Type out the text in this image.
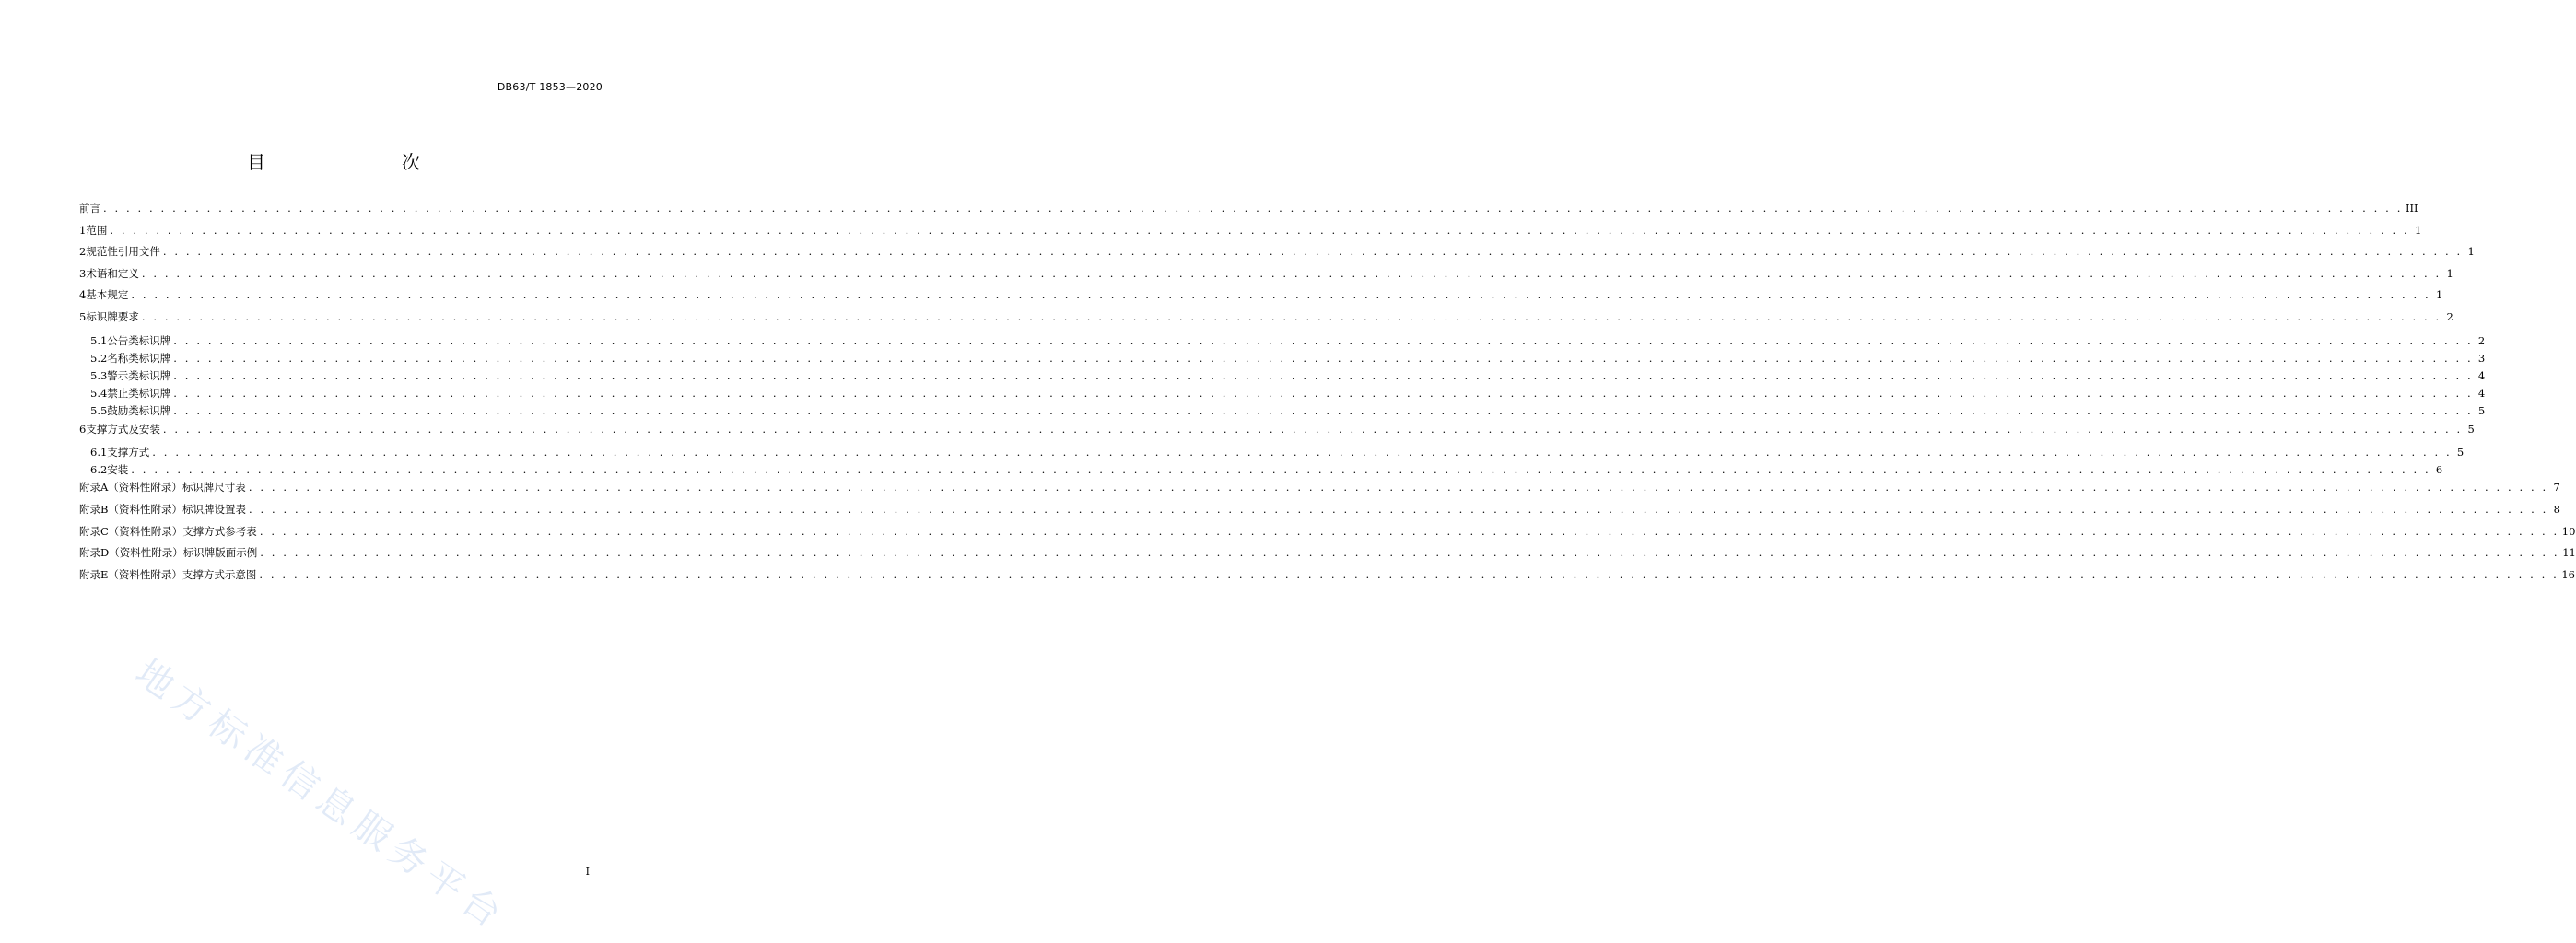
DB63/T 1853—2020
目　　次
前言 . . . . . . . . . . . . . . . . . . . . . . . . . . . . . . . . . . . . . . . . . . . . . . . . . . . . . . . . . . . . . . . . . . . . . . . . . . . . . . . . . . . . . . . . . . . . . . . . . . . . . . . . . . . . . . . . . . . . . . . . . . . . . . . . . . . . . . . . . . . . . . . . . . . . . . . . . . . . . . . . . . . . . . . . . . . . . . . . . . . . . . . . . . . . . . . . . . . . . . . . III
1 范围 . . . . . . . . . . . . . . . . . . . . . . . . . . . . . . . . . . . . . . . . . . . . . . . . . . . . . . . . . . . . . . . . . . . . . . . . . . . . . . . . . . . . . . . . . . . . . . . . . . . . . . . . . . . . . . . . . . . . . . . . . . . . . . . . . . . . . . . . . . . . . . . . . . . . . . . . . . . . . . . . . . . . . . . . . . . . . . . . . . . . . . . . . . . . . . . . . . . . . . . . 1
2 规范性引用文件 . . . . . . . . . . . . . . . . . . . . . . . . . . . . . . . . . . . . . . . . . . . . . . . . . . . . . . . . . . . . . . . . . . . . . . . . . . . . . . . . . . . . . . . . . . . . . . . . . . . . . . . . . . . . . . . . . . . . . . . . . . . . . . . . . . . . . . . . . . . . . . . . . . . . . . . . . . . . . . . . . . . . . . . . . . . . . . . . . . . . . . . . . . . . . . . . . . . . . . . . 1
3 术语和定义 . . . . . . . . . . . . . . . . . . . . . . . . . . . . . . . . . . . . . . . . . . . . . . . . . . . . . . . . . . . . . . . . . . . . . . . . . . . . . . . . . . . . . . . . . . . . . . . . . . . . . . . . . . . . . . . . . . . . . . . . . . . . . . . . . . . . . . . . . . . . . . . . . . . . . . . . . . . . . . . . . . . . . . . . . . . . . . . . . . . . . . . . . . . . . . . . . . . . . . . . 1
4 基本规定 . . . . . . . . . . . . . . . . . . . . . . . . . . . . . . . . . . . . . . . . . . . . . . . . . . . . . . . . . . . . . . . . . . . . . . . . . . . . . . . . . . . . . . . . . . . . . . . . . . . . . . . . . . . . . . . . . . . . . . . . . . . . . . . . . . . . . . . . . . . . . . . . . . . . . . . . . . . . . . . . . . . . . . . . . . . . . . . . . . . . . . . . . . . . . . . . . . . . . . . . 1
5 标识牌要求 . . . . . . . . . . . . . . . . . . . . . . . . . . . . . . . . . . . . . . . . . . . . . . . . . . . . . . . . . . . . . . . . . . . . . . . . . . . . . . . . . . . . . . . . . . . . . . . . . . . . . . . . . . . . . . . . . . . . . . . . . . . . . . . . . . . . . . . . . . . . . . . . . . . . . . . . . . . . . . . . . . . . . . . . . . . . . . . . . . . . . . . . . . . . . . . . . . . . . . . . 2
5.1 公告类标识牌 . . . . . . . . . . . . . . . . . . . . . . . . . . . . . . . . . . . . . . . . . . . . . . . . . . . . . . . . . . . . . . . . . . . . . . . . . . . . . . . . . . . . . . . . . . . . . . . . . . . . . . . . . . . . . . . . . . . . . . . . . . . . . . . . . . . . . . . . . . . . . . . . . . . . . . . . . . . . . . . . . . . . . . . . . . . . . . . . . . . . . . . . . . . . . . . . . . . . . . . . 2
5.2 名称类标识牌 . . . . . . . . . . . . . . . . . . . . . . . . . . . . . . . . . . . . . . . . . . . . . . . . . . . . . . . . . . . . . . . . . . . . . . . . . . . . . . . . . . . . . . . . . . . . . . . . . . . . . . . . . . . . . . . . . . . . . . . . . . . . . . . . . . . . . . . . . . . . . . . . . . . . . . . . . . . . . . . . . . . . . . . . . . . . . . . . . . . . . . . . . . . . . . . . . . . . . . . . 3
5.3 警示类标识牌 . . . . . . . . . . . . . . . . . . . . . . . . . . . . . . . . . . . . . . . . . . . . . . . . . . . . . . . . . . . . . . . . . . . . . . . . . . . . . . . . . . . . . . . . . . . . . . . . . . . . . . . . . . . . . . . . . . . . . . . . . . . . . . . . . . . . . . . . . . . . . . . . . . . . . . . . . . . . . . . . . . . . . . . . . . . . . . . . . . . . . . . . . . . . . . . . . . . . . . . . 4
5.4 禁止类标识牌 . . . . . . . . . . . . . . . . . . . . . . . . . . . . . . . . . . . . . . . . . . . . . . . . . . . . . . . . . . . . . . . . . . . . . . . . . . . . . . . . . . . . . . . . . . . . . . . . . . . . . . . . . . . . . . . . . . . . . . . . . . . . . . . . . . . . . . . . . . . . . . . . . . . . . . . . . . . . . . . . . . . . . . . . . . . . . . . . . . . . . . . . . . . . . . . . . . . . . . . . 4
5.5 鼓励类标识牌 . . . . . . . . . . . . . . . . . . . . . . . . . . . . . . . . . . . . . . . . . . . . . . . . . . . . . . . . . . . . . . . . . . . . . . . . . . . . . . . . . . . . . . . . . . . . . . . . . . . . . . . . . . . . . . . . . . . . . . . . . . . . . . . . . . . . . . . . . . . . . . . . . . . . . . . . . . . . . . . . . . . . . . . . . . . . . . . . . . . . . . . . . . . . . . . . . . . . . . . . 5
6 支撑方式及安装 . . . . . . . . . . . . . . . . . . . . . . . . . . . . . . . . . . . . . . . . . . . . . . . . . . . . . . . . . . . . . . . . . . . . . . . . . . . . . . . . . . . . . . . . . . . . . . . . . . . . . . . . . . . . . . . . . . . . . . . . . . . . . . . . . . . . . . . . . . . . . . . . . . . . . . . . . . . . . . . . . . . . . . . . . . . . . . . . . . . . . . . . . . . . . . . . . . . . . . . . 5
6.1 支撑方式 . . . . . . . . . . . . . . . . . . . . . . . . . . . . . . . . . . . . . . . . . . . . . . . . . . . . . . . . . . . . . . . . . . . . . . . . . . . . . . . . . . . . . . . . . . . . . . . . . . . . . . . . . . . . . . . . . . . . . . . . . . . . . . . . . . . . . . . . . . . . . . . . . . . . . . . . . . . . . . . . . . . . . . . . . . . . . . . . . . . . . . . . . . . . . . . . . . . . . . . . 5
6.2 安装 . . . . . . . . . . . . . . . . . . . . . . . . . . . . . . . . . . . . . . . . . . . . . . . . . . . . . . . . . . . . . . . . . . . . . . . . . . . . . . . . . . . . . . . . . . . . . . . . . . . . . . . . . . . . . . . . . . . . . . . . . . . . . . . . . . . . . . . . . . . . . . . . . . . . . . . . . . . . . . . . . . . . . . . . . . . . . . . . . . . . . . . . . . . . . . . . . . . . . . . . 6
附录A（资料性附录） 标识牌尺寸表 . . . . . . . . . . . . . . . . . . . . . . . . . . . . . . . . . . . . . . . . . . . . . . . . . . . . . . . . . . . . . . . . . . . . . . . . . . . . . . . . . . . . . . . . . . . . . . . . . . . . . . . . . . . . . . . . . . . . . . . . . . . . . . . . . . . . . . . . . . . . . . . . . . . . . . . . . . . . . . . . . . . . . . . . . . . . . . . . . . . . . . . . . . . . . . . . . . . . . . . . 7
附录B（资料性附录） 标识牌设置表 . . . . . . . . . . . . . . . . . . . . . . . . . . . . . . . . . . . . . . . . . . . . . . . . . . . . . . . . . . . . . . . . . . . . . . . . . . . . . . . . . . . . . . . . . . . . . . . . . . . . . . . . . . . . . . . . . . . . . . . . . . . . . . . . . . . . . . . . . . . . . . . . . . . . . . . . . . . . . . . . . . . . . . . . . . . . . . . . . . . . . . . . . . . . . . . . . . . . . . . . 8
附录C（资料性附录） 支撑方式参考表 . . . . . . . . . . . . . . . . . . . . . . . . . . . . . . . . . . . . . . . . . . . . . . . . . . . . . . . . . . . . . . . . . . . . . . . . . . . . . . . . . . . . . . . . . . . . . . . . . . . . . . . . . . . . . . . . . . . . . . . . . . . . . . . . . . . . . . . . . . . . . . . . . . . . . . . . . . . . . . . . . . . . . . . . . . . . . . . . . . . . . . . . . . . . . . . . . . . . . . . . 10
附录D（资料性附录） 标识牌版面示例 . . . . . . . . . . . . . . . . . . . . . . . . . . . . . . . . . . . . . . . . . . . . . . . . . . . . . . . . . . . . . . . . . . . . . . . . . . . . . . . . . . . . . . . . . . . . . . . . . . . . . . . . . . . . . . . . . . . . . . . . . . . . . . . . . . . . . . . . . . . . . . . . . . . . . . . . . . . . . . . . . . . . . . . . . . . . . . . . . . . . . . . . . . . . . . . . . . . . . . . . 11
附录E（资料性附录） 支撑方式示意图 . . . . . . . . . . . . . . . . . . . . . . . . . . . . . . . . . . . . . . . . . . . . . . . . . . . . . . . . . . . . . . . . . . . . . . . . . . . . . . . . . . . . . . . . . . . . . . . . . . . . . . . . . . . . . . . . . . . . . . . . . . . . . . . . . . . . . . . . . . . . . . . . . . . . . . . . . . . . . . . . . . . . . . . . . . . . . . . . . . . . . . . . . . . . . . . . . . . . . . . . 16
地方标准信息服务平台	I
